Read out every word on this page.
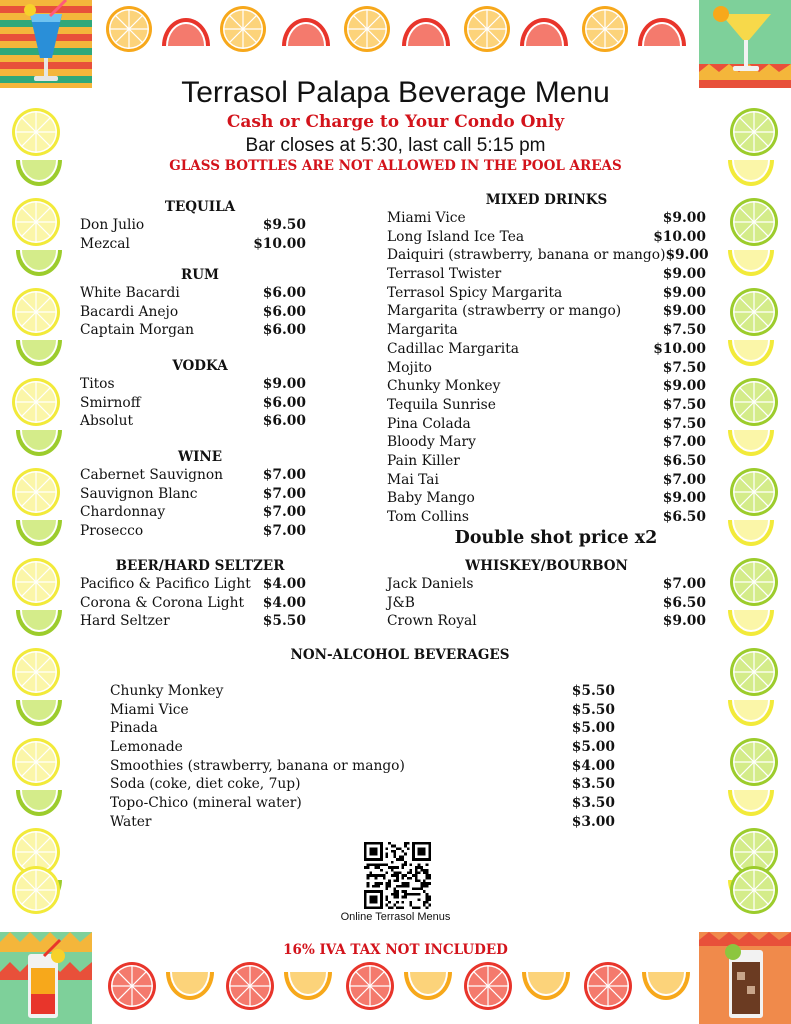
Terrasol Palapa Beverage Menu
Cash or Charge to Your Condo Only
Bar closes at 5:30, last call 5:15 pm
GLASS BOTTLES ARE NOT ALLOWED IN THE POOL AREAS
TEQUILA
Don Julio	$9.50
Mezcal	$10.00
RUM
White Bacardi	$6.00
Bacardi Anejo	$6.00
Captain Morgan	$6.00
VODKA
Titos	$9.00
Smirnoff	$6.00
Absolut	$6.00
WINE
Cabernet Sauvignon	$7.00
Sauvignon Blanc	$7.00
Chardonnay	$7.00
Prosecco	$7.00
BEER/HARD SELTZER
Pacifico & Pacifico Light $4.00
Corona & Corona Light $4.00
Hard Seltzer	$5.50
MIXED DRINKS
Miami Vice	$9.00
Long Island Ice Tea	$10.00
Daiquiri (strawberry, banana or mango) $9.00
Terrasol Twister	$9.00
Terrasol Spicy Margarita	$9.00
Margarita (strawberry or mango)	$9.00
Margarita	$7.50
Cadillac Margarita	$10.00
Mojito	$7.50
Chunky Monkey	$9.00
Tequila Sunrise	$7.50
Pina Colada	$7.50
Bloody Mary	$7.00
Pain Killer	$6.50
Mai Tai	$7.00
Baby Mango	$9.00
Tom Collins	$6.50
Double shot price x2
WHISKEY/BOURBON
Jack Daniels	$7.00
J&B	$6.50
Crown Royal	$9.00
NON-ALCOHOL BEVERAGES
Chunky Monkey	$5.50
Miami Vice	$5.50
Pinada	$5.00
Lemonade	$5.00
Smoothies (strawberry, banana or mango)	$4.00
Soda (coke, diet coke, 7up)	$3.50
Topo-Chico (mineral water)	$3.50
Water	$3.00
Online Terrasol Menus
16% IVA TAX NOT INCLUDED
